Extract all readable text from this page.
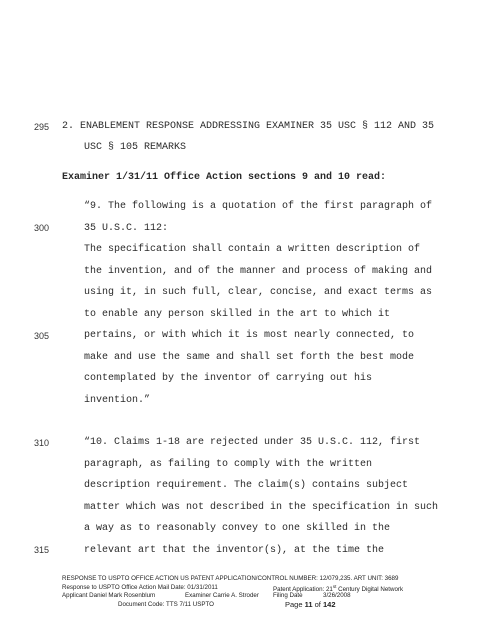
295
300
305
310
315
2. ENABLEMENT RESPONSE ADDRESSING EXAMINER 35 USC § 112 AND 35
USC § 105 REMARKS
Examiner 1/31/11 Office Action sections 9 and 10 read:
“9. The following is a quotation of the first paragraph of
35 U.S.C. 112:
The specification shall contain a written description of
the invention, and of the manner and process of making and
using it, in such full, clear, concise, and exact terms as
to enable any person skilled in the art to which it
pertains, or with which it is most nearly connected, to
make and use the same and shall set forth the best mode
contemplated by the inventor of carrying out his
invention.”
“10. Claims 1-18 are rejected under 35 U.S.C. 112, first
paragraph, as failing to comply with the written
description requirement. The claim(s) contains subject
matter which was not described in the specification in such
a way as to reasonably convey to one skilled in the
relevant art that the inventor(s), at the time the
RESPONSE TO USPTO OFFICE ACTION US PATENT APPLICATION/CONTROL NUMBER: 12/079,235. ART UNIT: 3689
Response to USPTO Office Action Mail Date: 01/31/2011	Patent Application: 21st Century Digital Network
Applicant Daniel Mark Rosenblum	Examiner Carrie A. Stroder Filing Date	3/26/2008
Document Code: TTS 7/11 USPTO	Page 11 of 142
